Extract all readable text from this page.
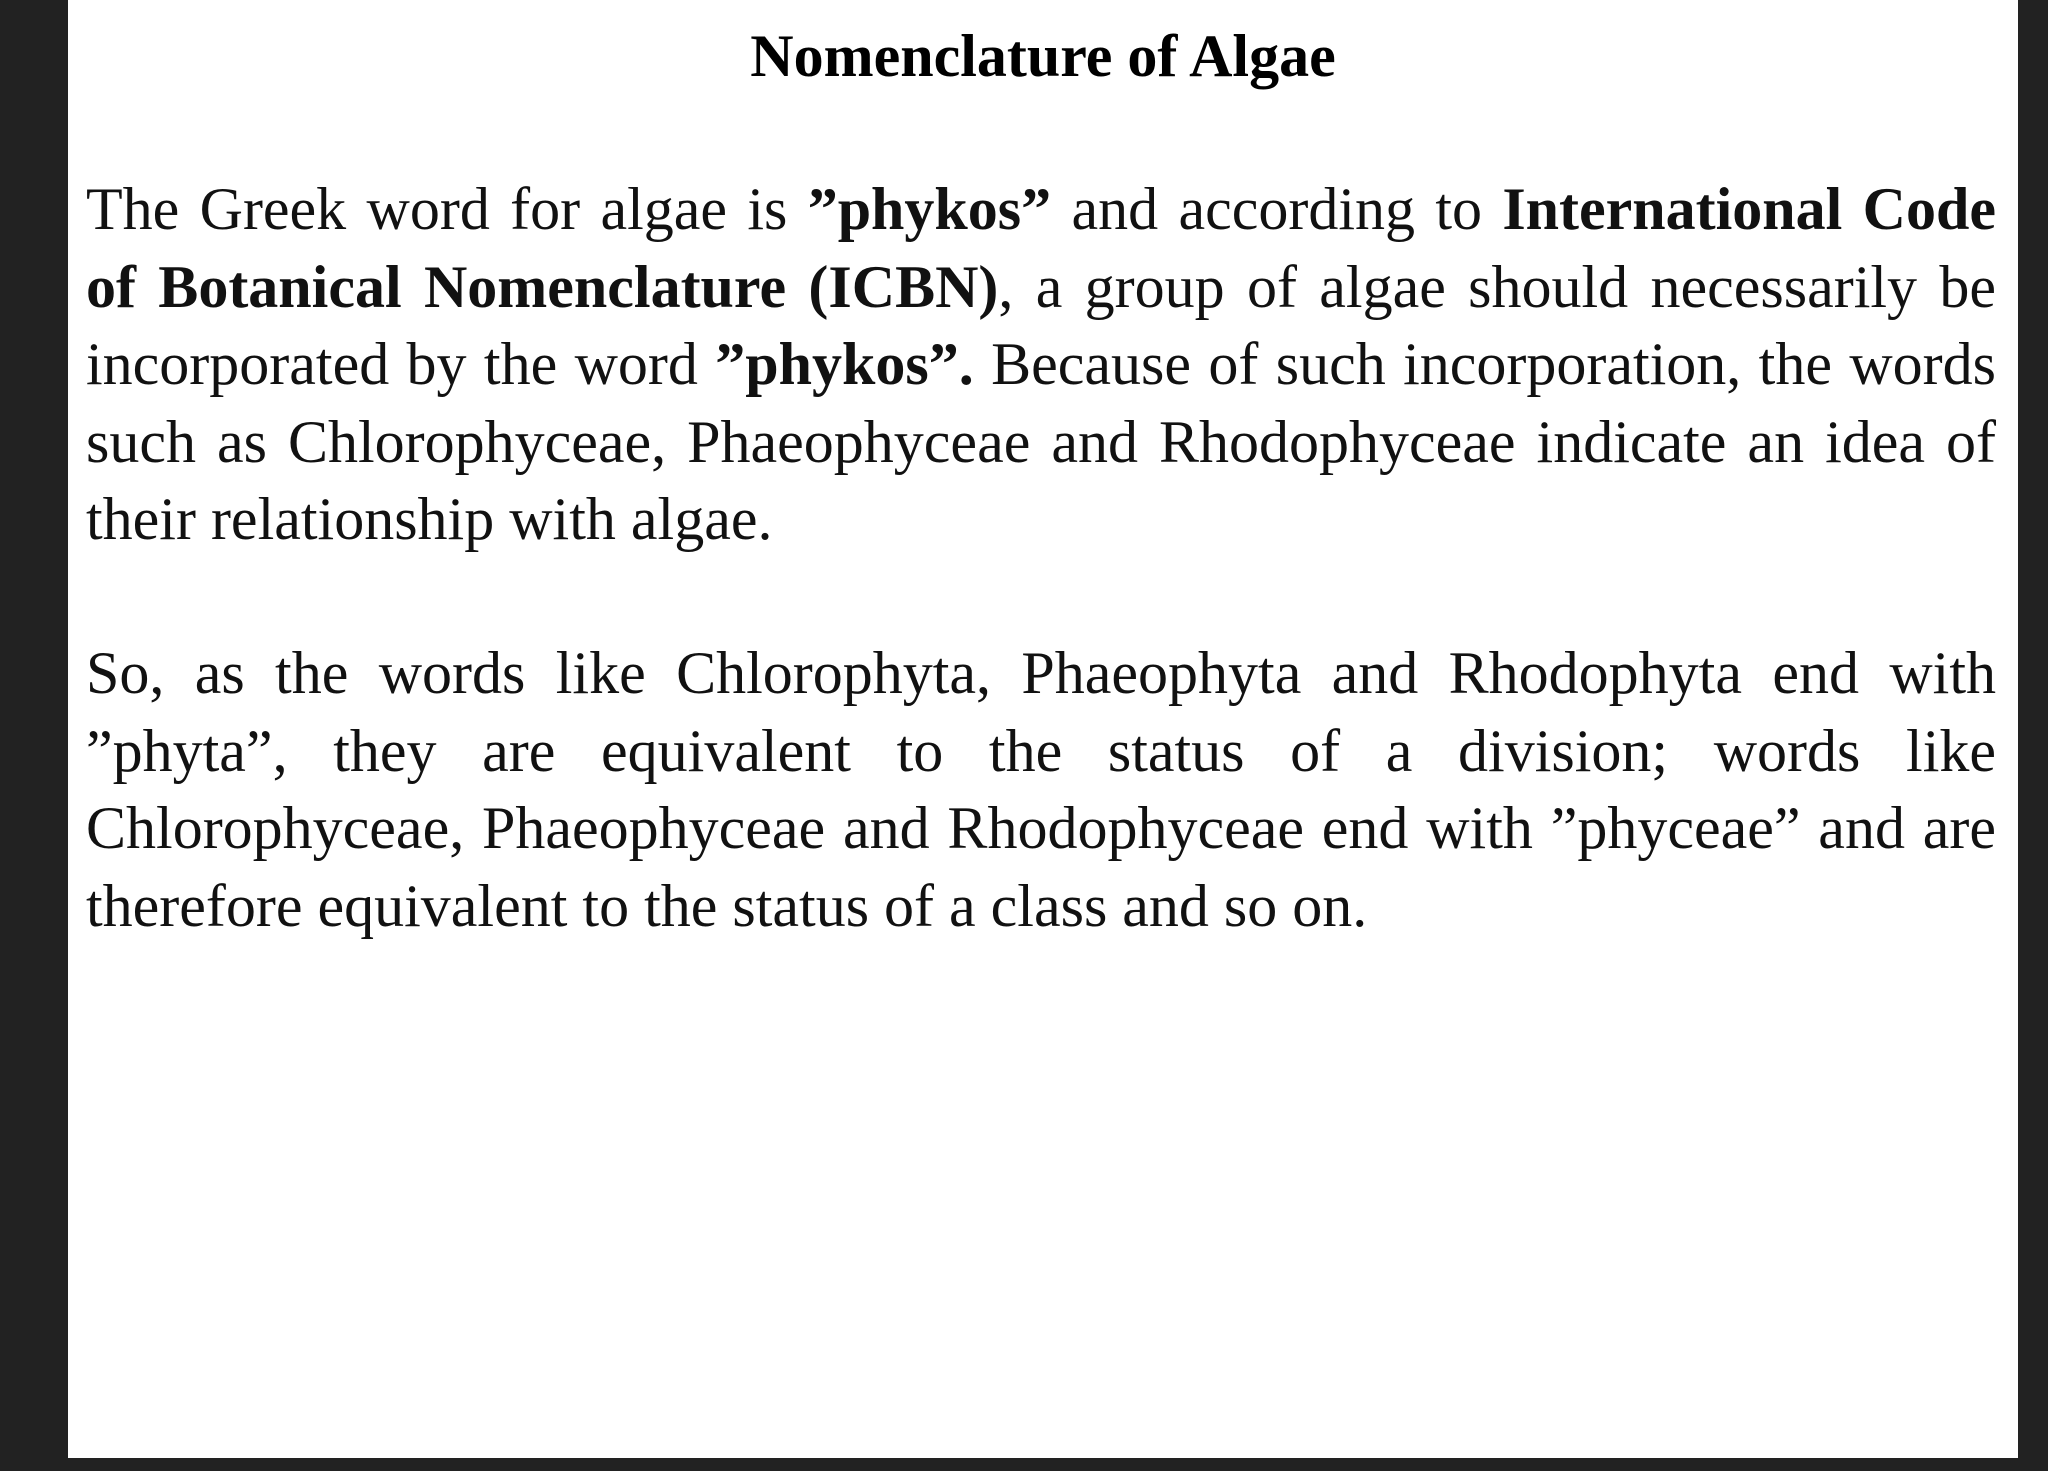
Nomenclature of Algae

The Greek word for algae is ”phykos” and according to International Code of Botanical Nomenclature (ICBN), a group of algae should necessarily be incorporated by the word ”phykos”. Because of such incorporation, the words such as Chlorophyceae, Phaeophyceae and Rhodophyceae indicate an idea of their relationship with algae.

So, as the words like Chlorophyta, Phaeophyta and Rhodophyta end with ”phyta”, they are equivalent to the status of a division; words like Chlorophyceae, Phaeophyceae and Rhodophyceae end with ”phyceae” and are therefore equivalent to the status of a class and so on.
